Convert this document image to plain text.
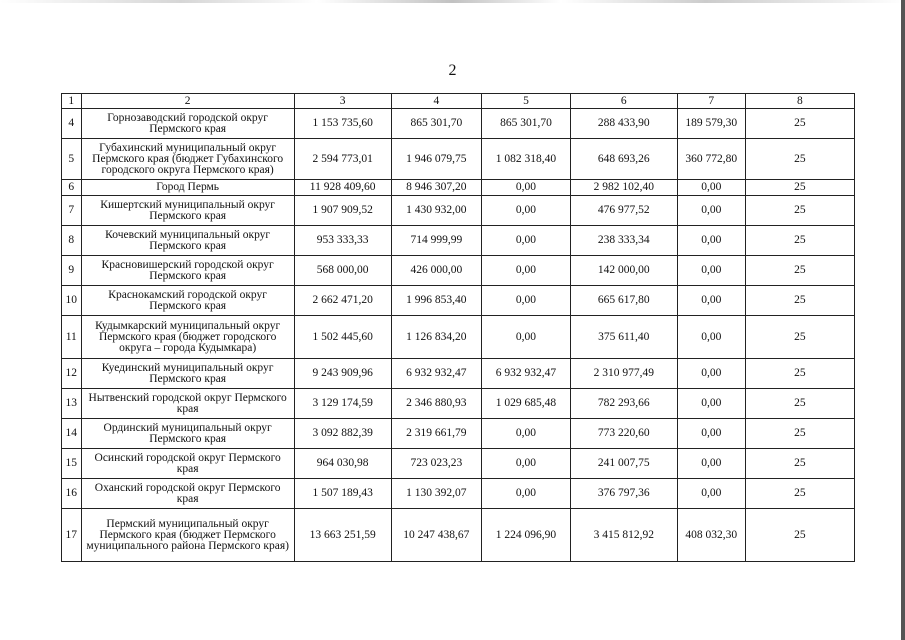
2
1	2	3	4	5	6	7	8
4	Горнозаводский городской округ Пермского края	1 153 735,60	865 301,70	865 301,70	288 433,90	189 579,30	25
5	Губахинский муниципальный округ Пермского края (бюджет Губахинского городского округа Пермского края)	2 594 773,01	1 946 079,75	1 082 318,40	648 693,26	360 772,80	25
6	Город Пермь	11 928 409,60	8 946 307,20	0,00	2 982 102,40	0,00	25
7	Кишертский муниципальный округ Пермского края	1 907 909,52	1 430 932,00	0,00	476 977,52	0,00	25
8	Кочевский муниципальный округ Пермского края	953 333,33	714 999,99	0,00	238 333,34	0,00	25
9	Красновишерский городской округ Пермского края	568 000,00	426 000,00	0,00	142 000,00	0,00	25
10	Краснокамский городской округ Пермского края	2 662 471,20	1 996 853,40	0,00	665 617,80	0,00	25
11	Кудымкарский муниципальный округ Пермского края (бюджет городского округа – города Кудымкара)	1 502 445,60	1 126 834,20	0,00	375 611,40	0,00	25
12	Куединский муниципальный округ Пермского края	9 243 909,96	6 932 932,47	6 932 932,47	2 310 977,49	0,00	25
13	Нытвенский городской округ Пермского края	3 129 174,59	2 346 880,93	1 029 685,48	782 293,66	0,00	25
14	Ординский муниципальный округ Пермского края	3 092 882,39	2 319 661,79	0,00	773 220,60	0,00	25
15	Осинский городской округ Пермского края	964 030,98	723 023,23	0,00	241 007,75	0,00	25
16	Оханский городской округ Пермского края	1 507 189,43	1 130 392,07	0,00	376 797,36	0,00	25
17	Пермский муниципальный округ Пермского края (бюджет Пермского муниципального района Пермского края)	13 663 251,59	10 247 438,67	1 224 096,90	3 415 812,92	408 032,30	25
